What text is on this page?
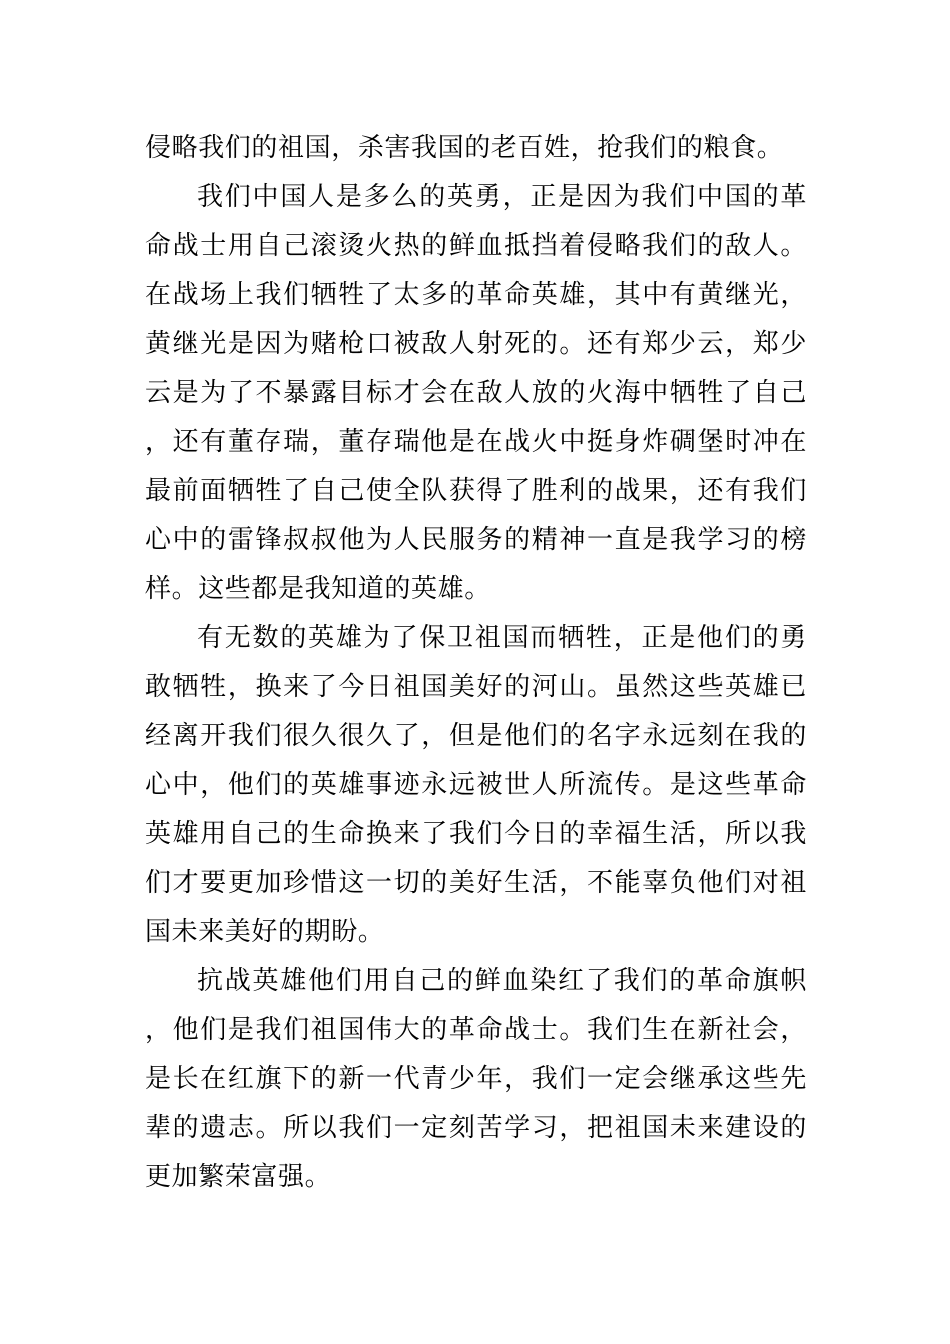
侵略我们的祖国，杀害我国的老百姓，抢我们的粮食。

我们中国人是多么的英勇，正是因为我们中国的革命战士用自己滚烫火热的鲜血抵挡着侵略我们的敌人。在战场上我们牺牲了太多的革命英雄，其中有黄继光，黄继光是因为赌枪口被敌人射死的。还有郑少云，郑少云是为了不暴露目标才会在敌人放的火海中牺牲了自己，还有董存瑞，董存瑞他是在战火中挺身炸碉堡时冲在最前面牺牲了自己使全队获得了胜利的战果，还有我们心中的雷锋叔叔他为人民服务的精神一直是我学习的榜样。这些都是我知道的英雄。

有无数的英雄为了保卫祖国而牺牲，正是他们的勇敢牺牲，换来了今日祖国美好的河山。虽然这些英雄已经离开我们很久很久了，但是他们的名字永远刻在我的心中，他们的英雄事迹永远被世人所流传。是这些革命英雄用自己的生命换来了我们今日的幸福生活，所以我们才要更加珍惜这一切的美好生活，不能辜负他们对祖国未来美好的期盼。

抗战英雄他们用自己的鲜血染红了我们的革命旗帜，他们是我们祖国伟大的革命战士。我们生在新社会，是长在红旗下的新一代青少年，我们一定会继承这些先辈的遗志。所以我们一定刻苦学习，把祖国未来建设的更加繁荣富强。
